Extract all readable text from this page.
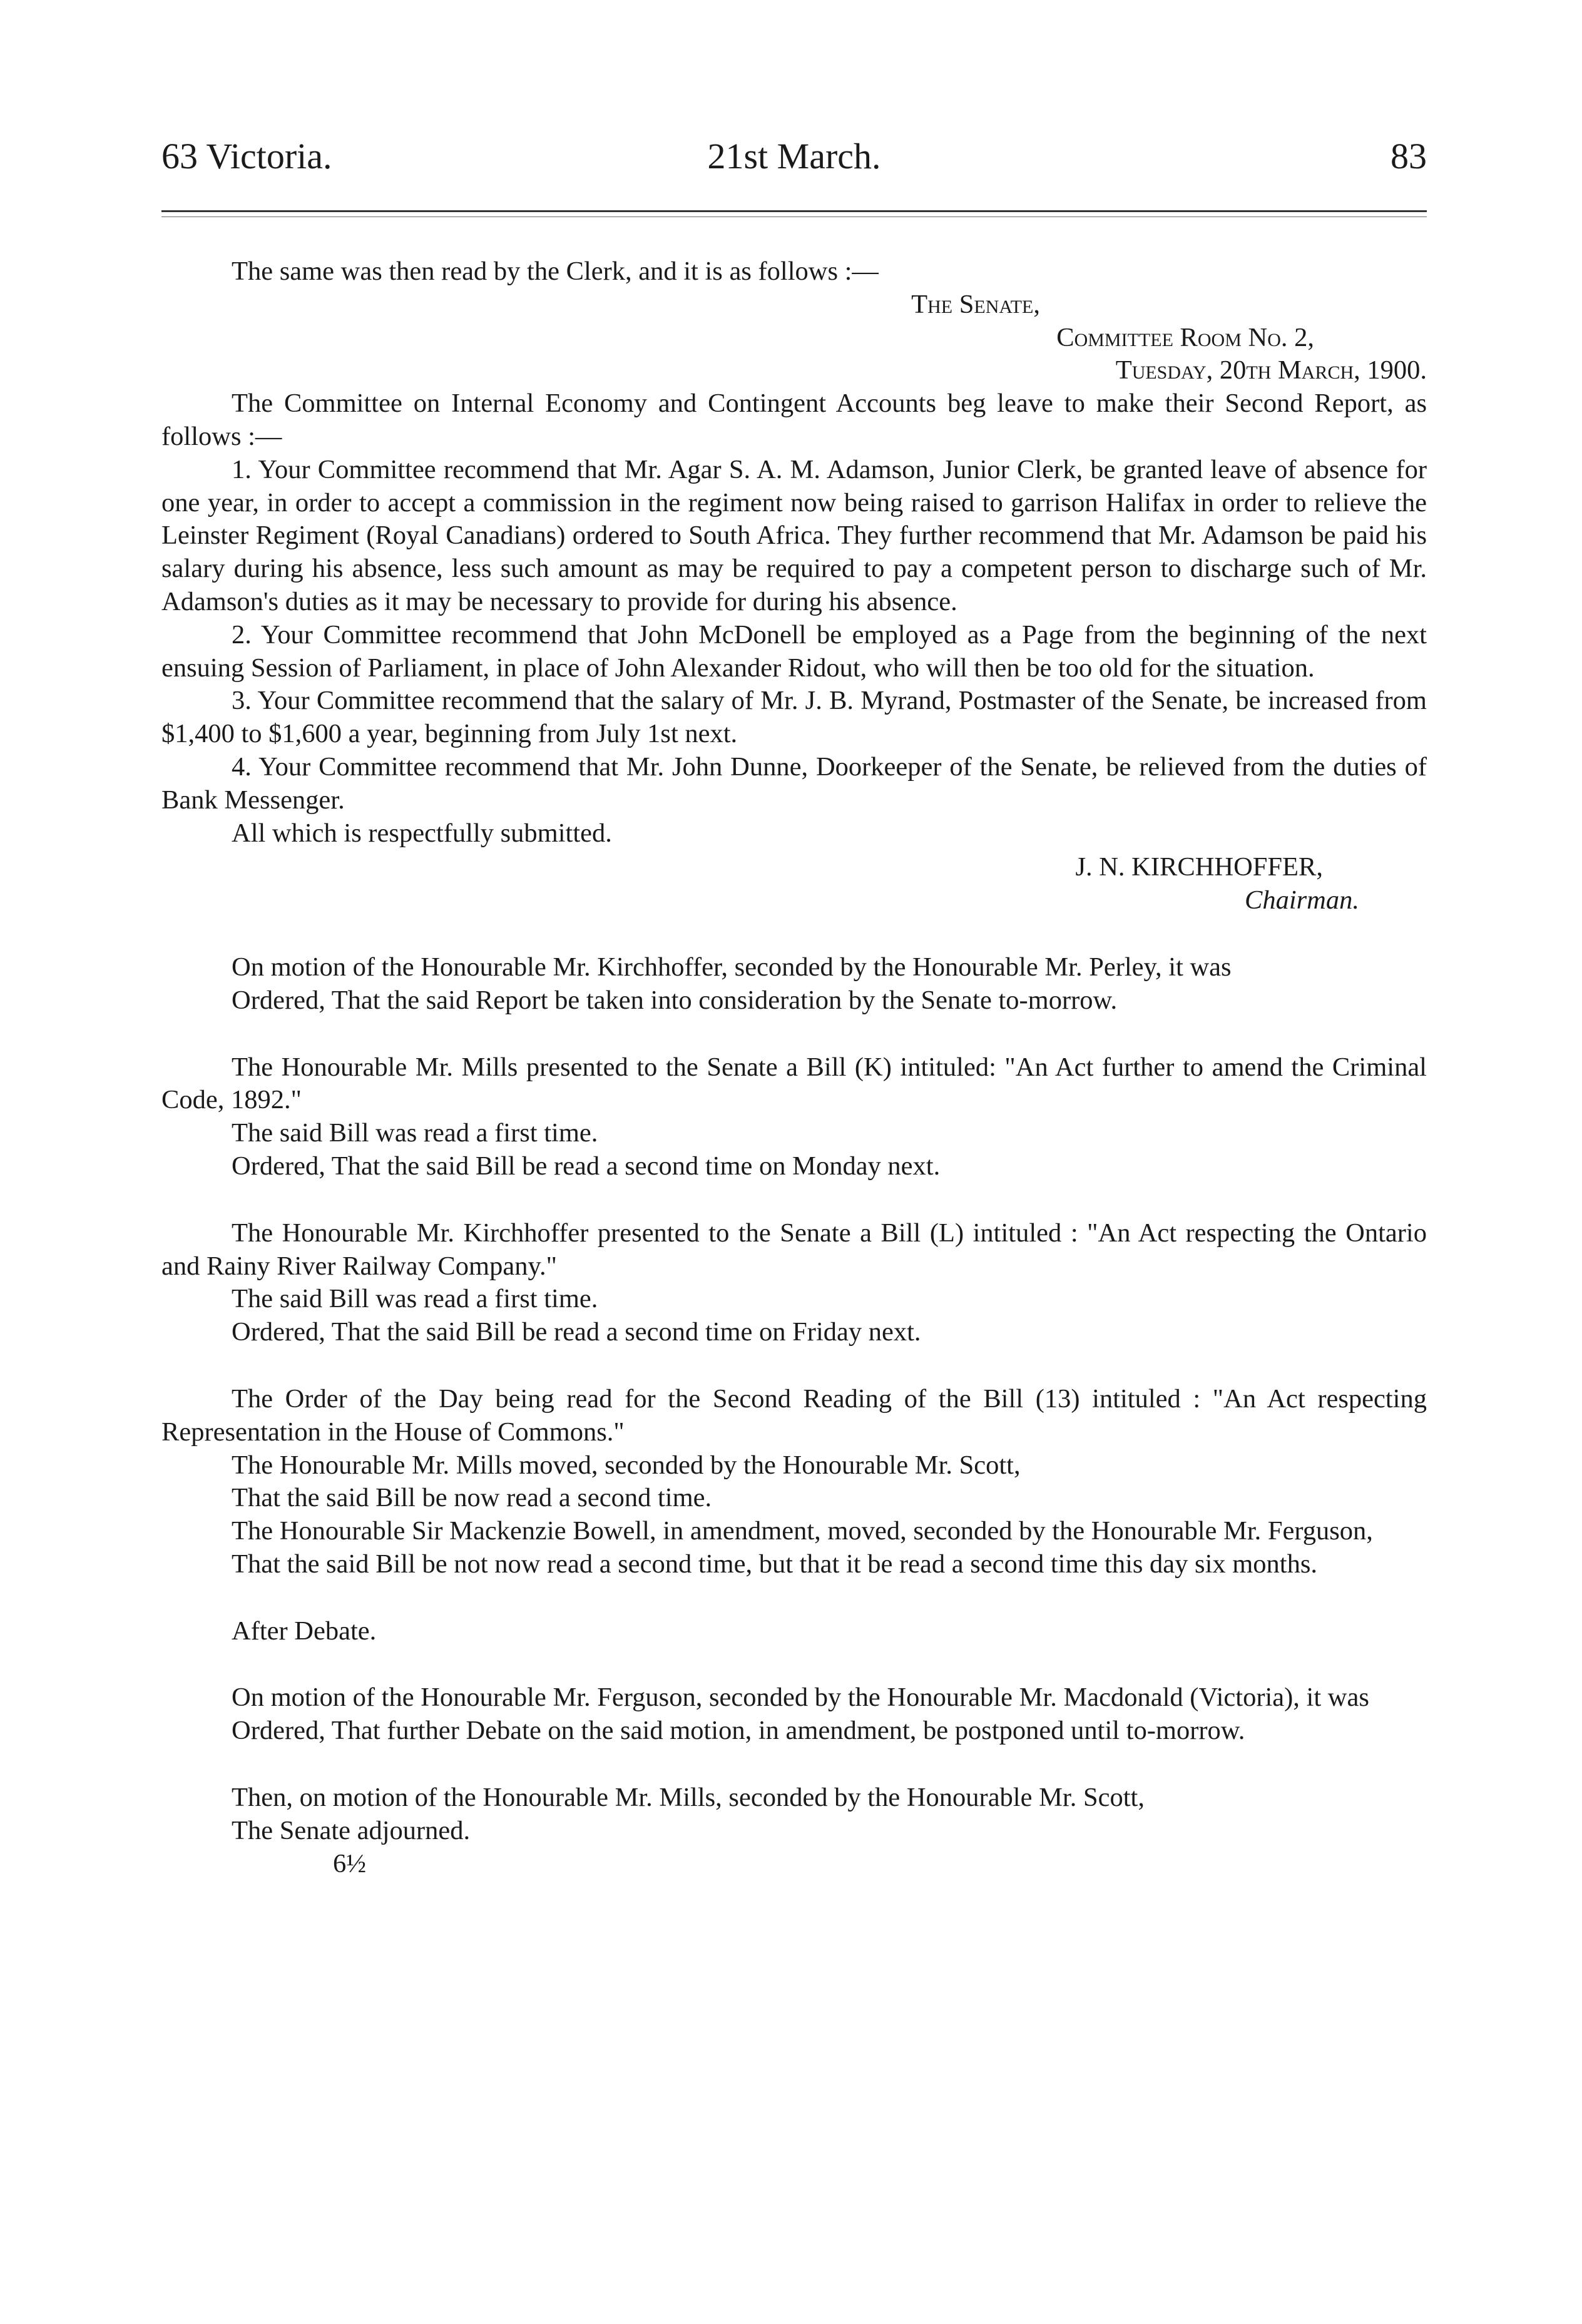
63 Victoria.	21st March.	83

The same was then read by the Clerk, and it is as follows :—

The Senate,
Committee Room No. 2,
Tuesday, 20th March, 1900.

The Committee on Internal Economy and Contingent Accounts beg leave to make their Second Report, as follows :—

1. Your Committee recommend that Mr. Agar S. A. M. Adamson, Junior Clerk, be granted leave of absence for one year, in order to accept a commission in the regiment now being raised to garrison Halifax in order to relieve the Leinster Regiment (Royal Canadians) ordered to South Africa. They further recommend that Mr. Adamson be paid his salary during his absence, less such amount as may be required to pay a competent person to discharge such of Mr. Adamson's duties as it may be necessary to provide for during his absence.

2. Your Committee recommend that John McDonell be employed as a Page from the beginning of the next ensuing Session of Parliament, in place of John Alexander Ridout, who will then be too old for the situation.

3. Your Committee recommend that the salary of Mr. J. B. Myrand, Postmaster of the Senate, be increased from $1,400 to $1,600 a year, beginning from July 1st next.

4. Your Committee recommend that Mr. John Dunne, Doorkeeper of the Senate, be relieved from the duties of Bank Messenger.

All which is respectfully submitted.

J. N. KIRCHHOFFER,
Chairman.

On motion of the Honourable Mr. Kirchhoffer, seconded by the Honourable Mr. Perley, it was

Ordered, That the said Report be taken into consideration by the Senate to-morrow.

The Honourable Mr. Mills presented to the Senate a Bill (K) intituled: "An Act further to amend the Criminal Code, 1892."

The said Bill was read a first time.

Ordered, That the said Bill be read a second time on Monday next.

The Honourable Mr. Kirchhoffer presented to the Senate a Bill (L) intituled : "An Act respecting the Ontario and Rainy River Railway Company."

The said Bill was read a first time.

Ordered, That the said Bill be read a second time on Friday next.

The Order of the Day being read for the Second Reading of the Bill (13) intituled : "An Act respecting Representation in the House of Commons."

The Honourable Mr. Mills moved, seconded by the Honourable Mr. Scott,

That the said Bill be now read a second time.

The Honourable Sir Mackenzie Bowell, in amendment, moved, seconded by the Honourable Mr. Ferguson,

That the said Bill be not now read a second time, but that it be read a second time this day six months.

After Debate.

On motion of the Honourable Mr. Ferguson, seconded by the Honourable Mr. Macdonald (Victoria), it was

Ordered, That further Debate on the said motion, in amendment, be postponed until to-morrow.

Then, on motion of the Honourable Mr. Mills, seconded by the Honourable Mr. Scott,

The Senate adjourned.

6½
